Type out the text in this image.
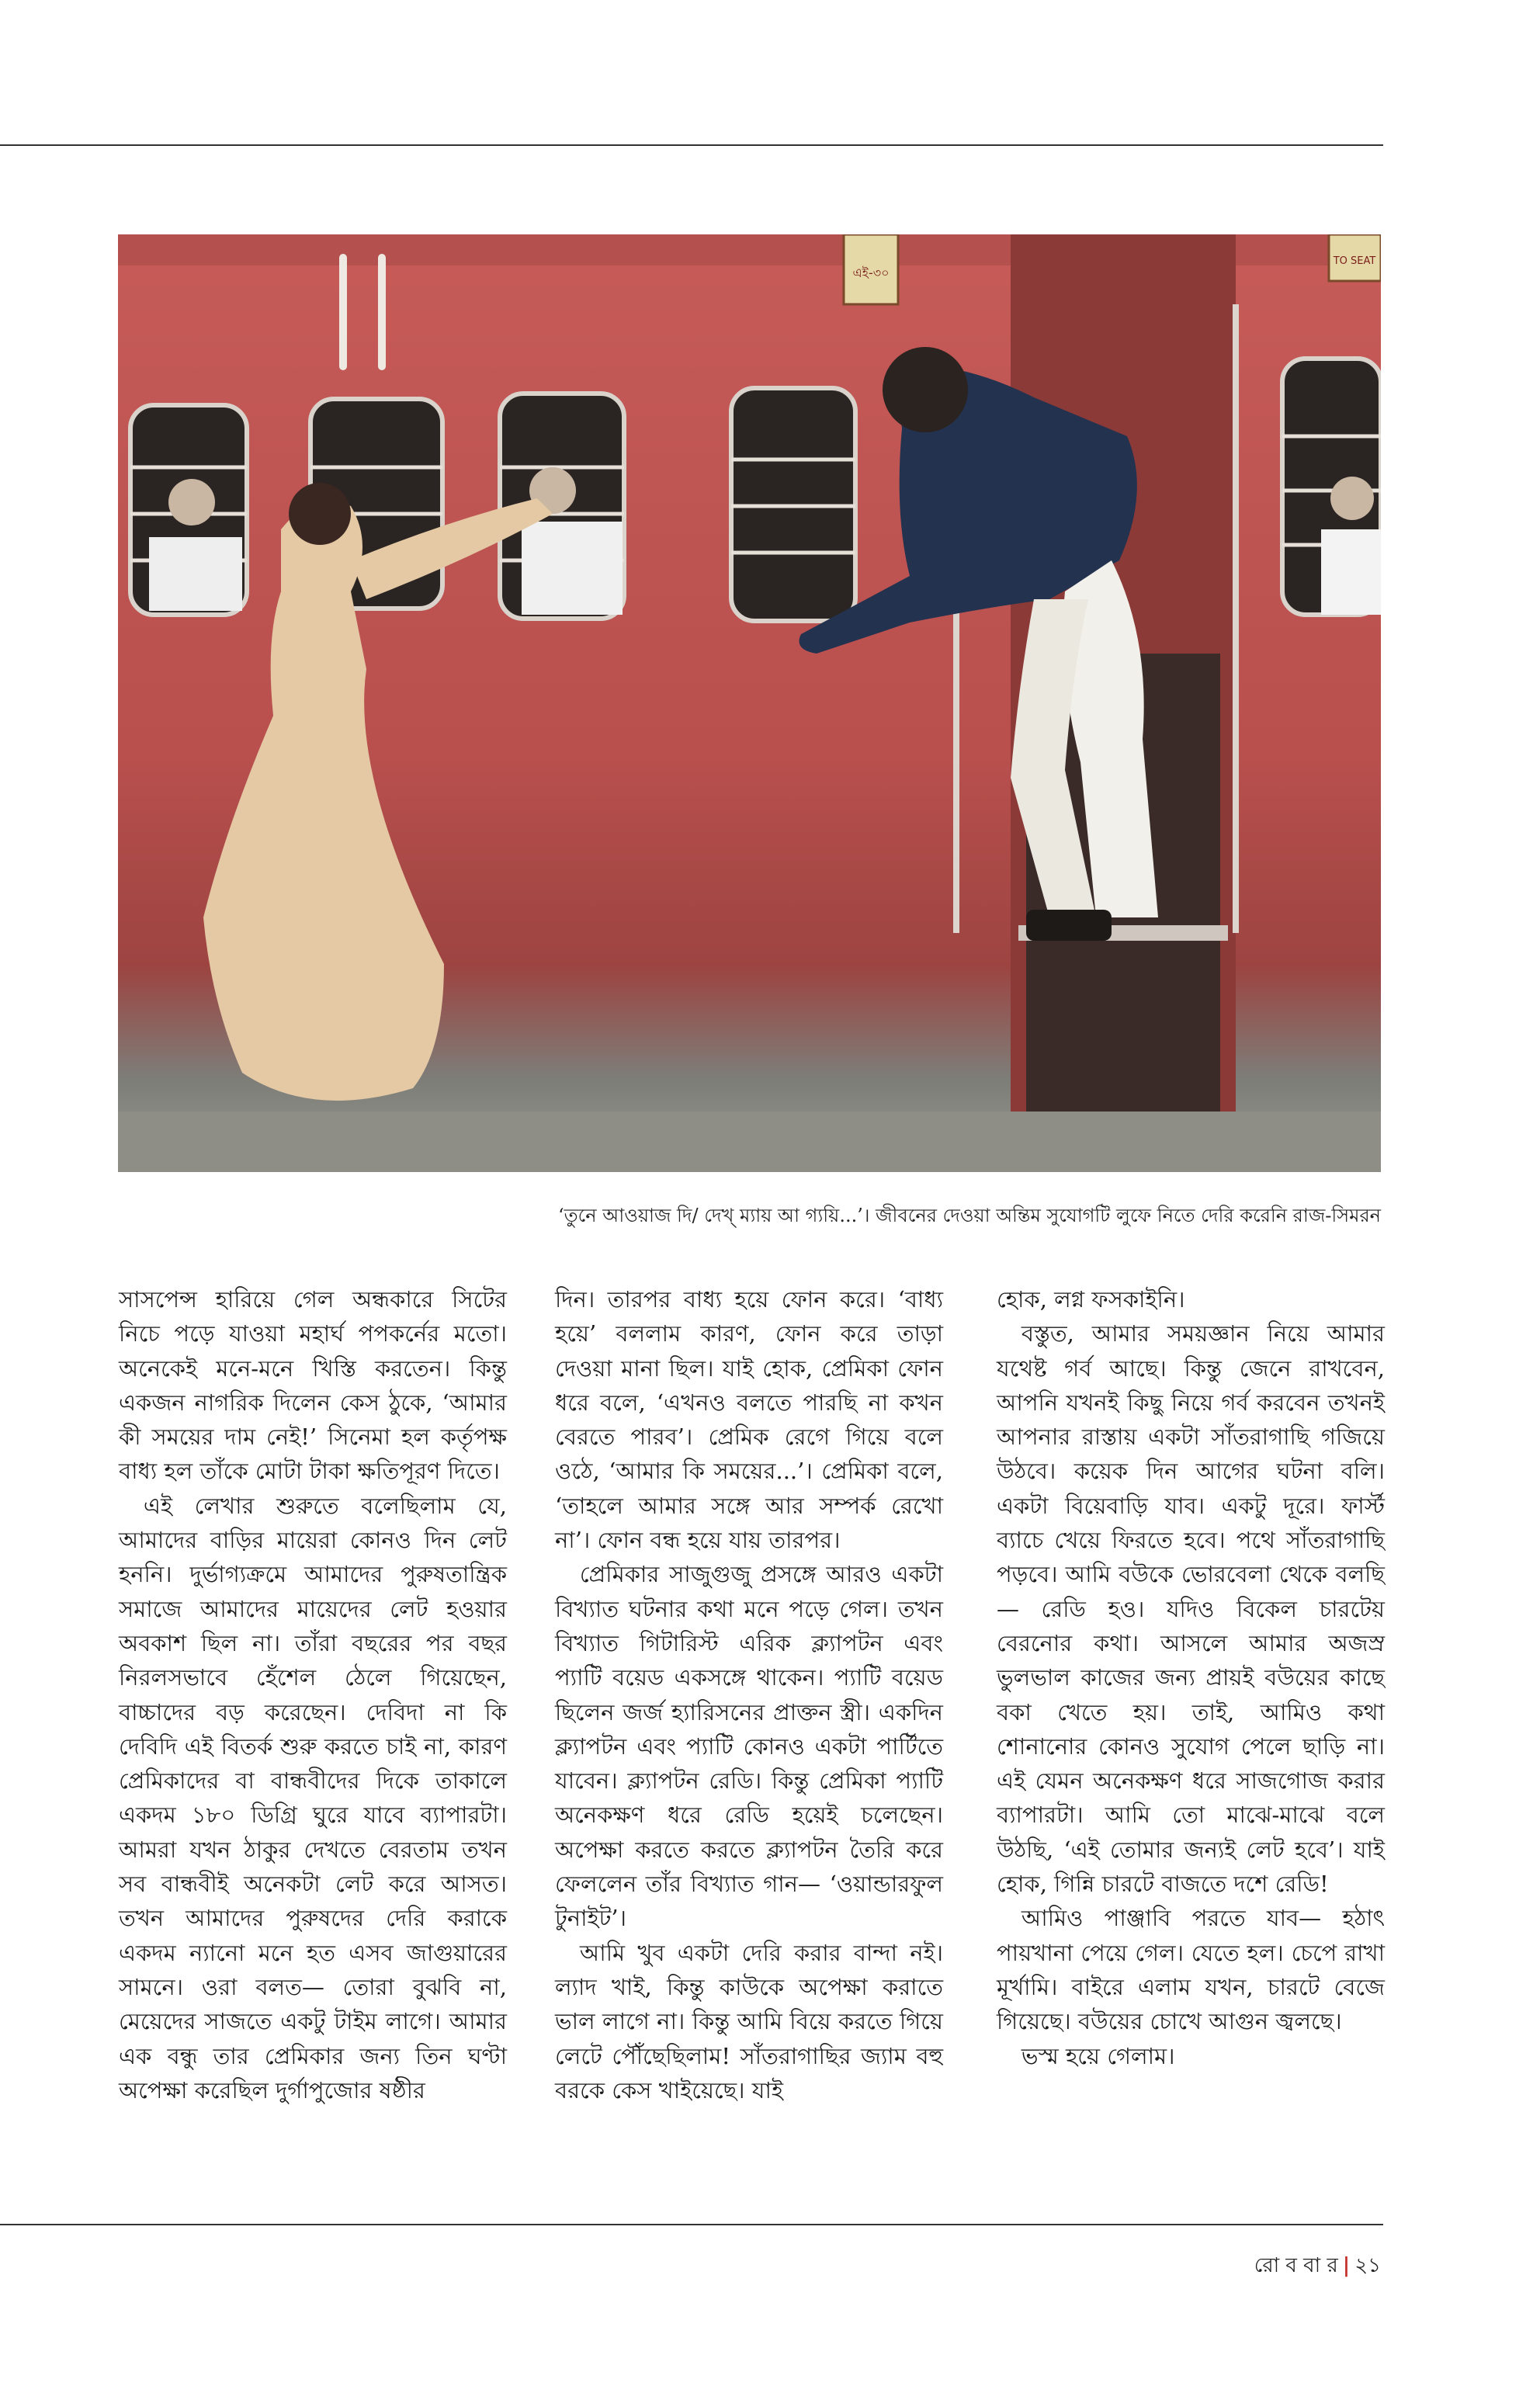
এই-৩০
TO SEAT
‘তুনে আওয়াজ দি/ দেখ্ ম্যায় আ গ্যয়ি...’। জীবনের দেওয়া অন্তিম সুযোগটি লুফে নিতে দেরি করেনি রাজ-সিমরন

সাসপেন্স হারিয়ে গেল অন্ধকারে সিটের নিচে পড়ে যাওয়া মহার্ঘ পপকর্নের মতো। অনেকেই মনে-মনে খিস্তি করতেন। কিন্তু একজন নাগরিক দিলেন কেস ঠুকে, ‘আমার কী সময়ের দাম নেই!’ সিনেমা হল কর্তৃপক্ষ বাধ্য হল তাঁকে মোটা টাকা ক্ষতিপূরণ দিতে।

এই লেখার শুরুতে বলেছিলাম যে, আমাদের বাড়ির মায়েরা কোনও দিন লেট হননি। দুর্ভাগ্যক্রমে আমাদের পুরুষতান্ত্রিক সমাজে আমাদের মায়েদের লেট হওয়ার অবকাশ ছিল না। তাঁরা বছরের পর বছর নিরলসভাবে হেঁশেল ঠেলে গিয়েছেন, বাচ্চাদের বড় করেছেন। দেবিদা না কি দেবিদি এই বিতর্ক শুরু করতে চাই না, কারণ প্রেমিকাদের বা বান্ধবীদের দিকে তাকালে একদম ১৮০ ডিগ্রি ঘুরে যাবে ব্যাপারটা। আমরা যখন ঠাকুর দেখতে বেরতাম তখন সব বান্ধবীই অনেকটা লেট করে আসত। তখন আমাদের পুরুষদের দেরি করাকে একদম ন্যানো মনে হত এসব জাগুয়ারের সামনে। ওরা বলত— তোরা বুঝবি না, মেয়েদের সাজতে একটু টাইম লাগে। আমার এক বন্ধু তার প্রেমিকার জন্য তিন ঘণ্টা অপেক্ষা করেছিল দুর্গাপুজোর ষষ্ঠীর

দিন। তারপর বাধ্য হয়ে ফোন করে। ‘বাধ্য হয়ে’ বললাম কারণ, ফোন করে তাড়া দেওয়া মানা ছিল। যাই হোক, প্রেমিকা ফোন ধরে বলে, ‘এখনও বলতে পারছি না কখন বেরতে পারব’। প্রেমিক রেগে গিয়ে বলে ওঠে, ‘আমার কি সময়ের...’। প্রেমিকা বলে, ‘তাহলে আমার সঙ্গে আর সম্পর্ক রেখো না’। ফোন বন্ধ হয়ে যায় তারপর।

প্রেমিকার সাজুগুজু প্রসঙ্গে আরও একটা বিখ্যাত ঘটনার কথা মনে পড়ে গেল। তখন বিখ্যাত গিটারিস্ট এরিক ক্ল্যাপটন এবং প্যাটি বয়েড একসঙ্গে থাকেন। প্যাটি বয়েড ছিলেন জর্জ হ্যারিসনের প্রাক্তন স্ত্রী। একদিন ক্ল্যাপটন এবং প্যাটি কোনও একটা পার্টিতে যাবেন। ক্ল্যাপটন রেডি। কিন্তু প্রেমিকা প্যাটি অনেকক্ষণ ধরে রেডি হয়েই চলেছেন। অপেক্ষা করতে করতে ক্ল্যাপটন তৈরি করে ফেললেন তাঁর বিখ্যাত গান— ‘ওয়ান্ডারফুল টুনাইট’।

আমি খুব একটা দেরি করার বান্দা নই। ল্যাদ খাই, কিন্তু কাউকে অপেক্ষা করাতে ভাল লাগে না। কিন্তু আমি বিয়ে করতে গিয়ে লেটে পৌঁছেছিলাম! সাঁতরাগাছির জ্যাম বহু বরকে কেস খাইয়েছে। যাই

হোক, লগ্ন ফসকাইনি।

বস্তুত, আমার সময়জ্ঞান নিয়ে আমার যথেষ্ট গর্ব আছে। কিন্তু জেনে রাখবেন, আপনি যখনই কিছু নিয়ে গর্ব করবেন তখনই আপনার রাস্তায় একটা সাঁতরাগাছি গজিয়ে উঠবে। কয়েক দিন আগের ঘটনা বলি। একটা বিয়েবাড়ি যাব। একটু দূরে। ফার্স্ট ব্যাচে খেয়ে ফিরতে হবে। পথে সাঁতরাগাছি পড়বে। আমি বউকে ভোরবেলা থেকে বলছি— রেডি হও। যদিও বিকেল চারটেয় বেরনোর কথা। আসলে আমার অজস্র ভুলভাল কাজের জন্য প্রায়ই বউয়ের কাছে বকা খেতে হয়। তাই, আমিও কথা শোনানোর কোনও সুযোগ পেলে ছাড়ি না। এই যেমন অনেকক্ষণ ধরে সাজগোজ করার ব্যাপারটা। আমি তো মাঝে-মাঝে বলে উঠছি, ‘এই তোমার জন্যই লেট হবে’। যাই হোক, গিন্নি চারটে বাজতে দশে রেডি!

আমিও পাঞ্জাবি পরতে যাব— হঠাৎ পায়খানা পেয়ে গেল। যেতে হল। চেপে রাখা মূর্খামি। বাইরে এলাম যখন, চারটে বেজে গিয়েছে। বউয়ের চোখে আগুন জ্বলছে।

ভস্ম হয়ে গেলাম।

রো ব বা র | ২১
